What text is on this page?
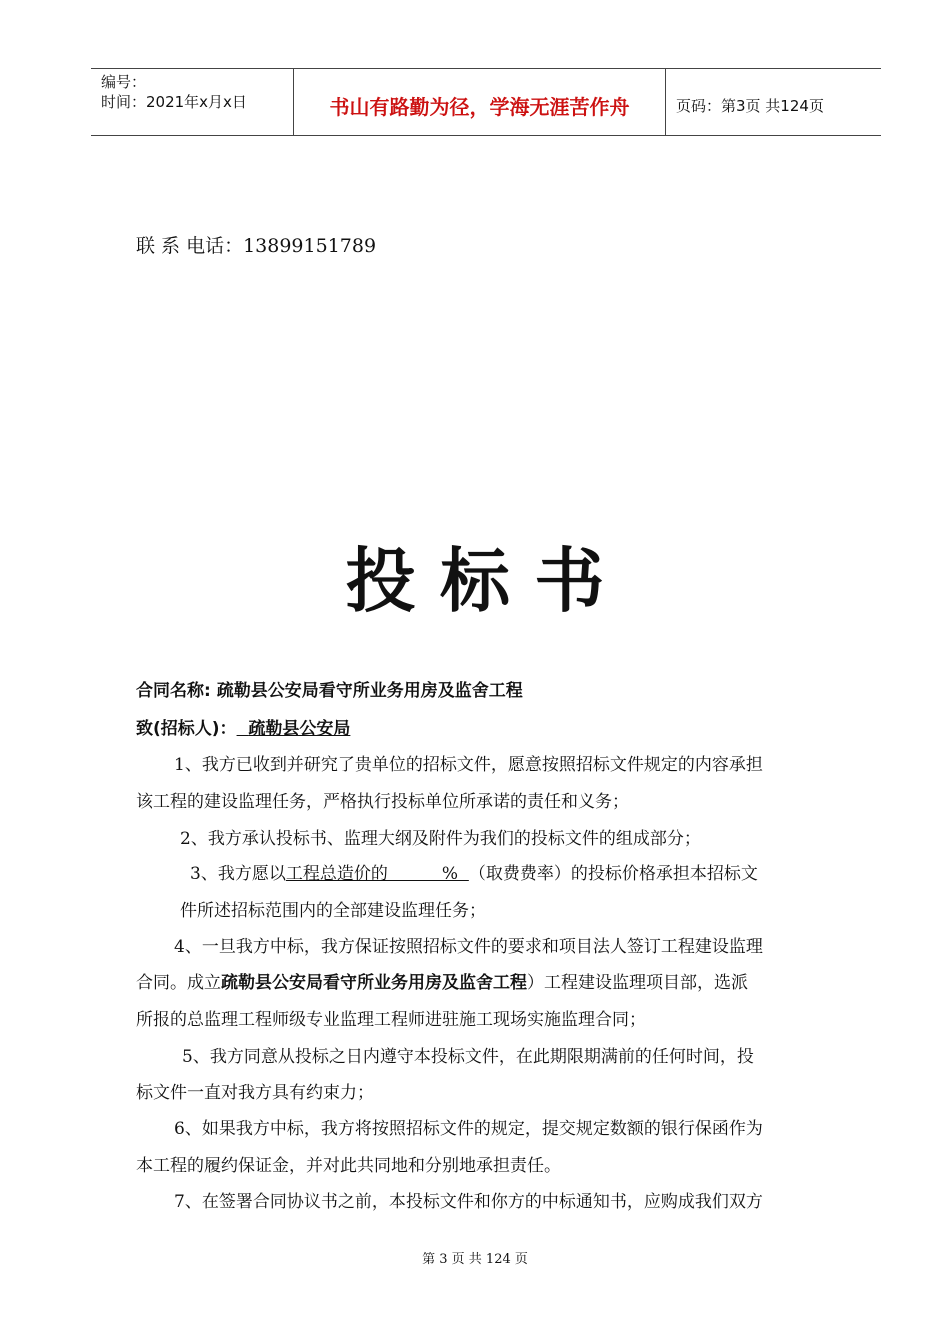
编号：
时间：2021年x月x日	书山有路勤为径，学海无涯苦作舟	页码：第3页 共124页
联 系 电话：13899151789
投 标 书
合同名称: 疏勒县公安局看守所业务用房及监舍工程
致(招标人)： 疏勒县公安局
1、我方已收到并研究了贵单位的招标文件，愿意按照招标文件规定的内容承担
该工程的建设监理任务，严格执行投标单位所承诺的责任和义务；
2、我方承认投标书、监理大纲及附件为我们的投标文件的组成部分；
3、我方愿以工程总造价的          %  （取费费率）的投标价格承担本招标文
件所述招标范围内的全部建设监理任务；
4、一旦我方中标，我方保证按照招标文件的要求和项目法人签订工程建设监理
合同。成立疏勒县公安局看守所业务用房及监舍工程）工程建设监理项目部，选派
所报的总监理工程师级专业监理工程师进驻施工现场实施监理合同；
5、我方同意从投标之日内遵守本投标文件，在此期限期满前的任何时间，投
标文件一直对我方具有约束力；
6、如果我方中标，我方将按照招标文件的规定，提交规定数额的银行保函作为
本工程的履约保证金，并对此共同地和分别地承担责任。
7、在签署合同协议书之前，本投标文件和你方的中标通知书，应购成我们双方
第 3 页 共 124 页
